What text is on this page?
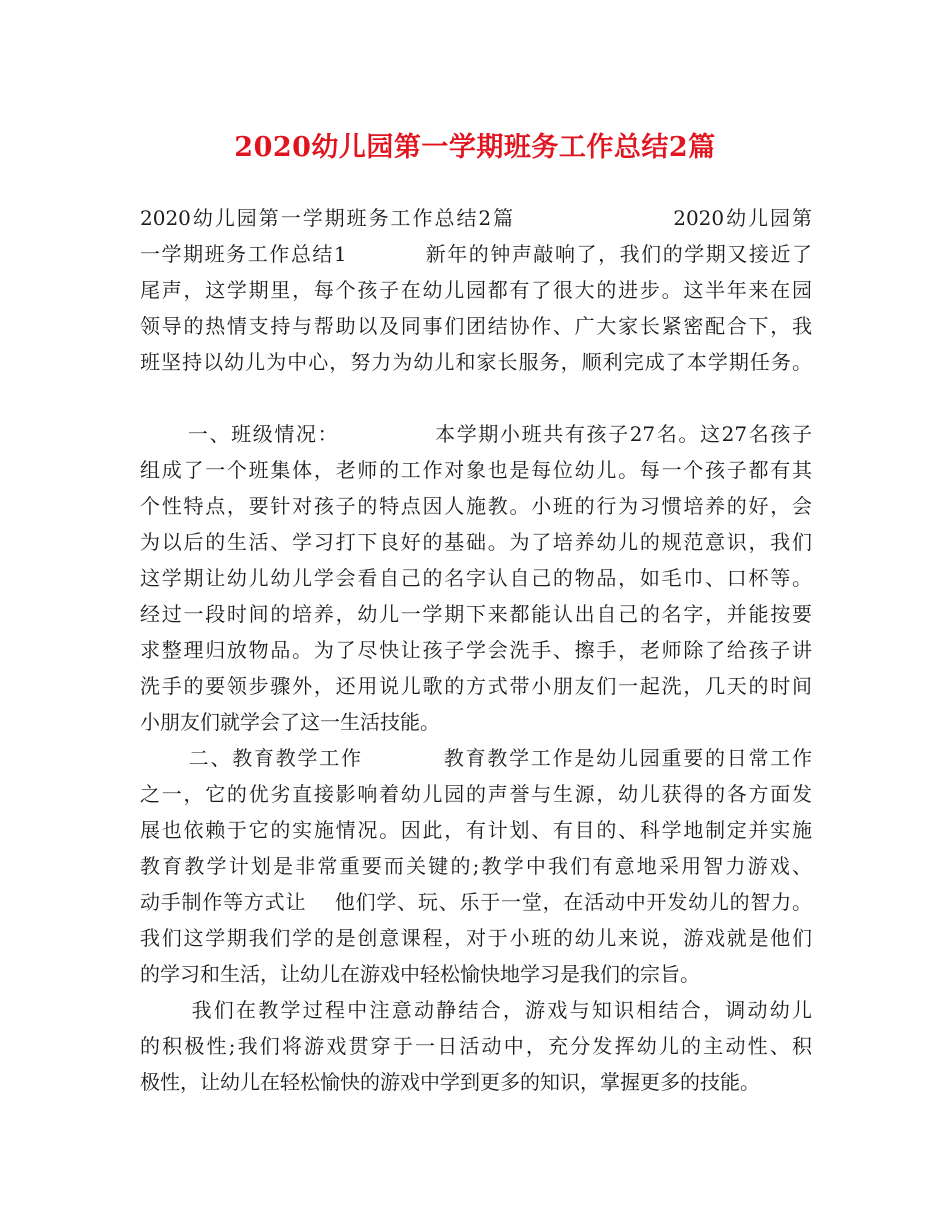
2020幼儿园第一学期班务工作总结2篇
2020幼儿园第一学期班务工作总结2篇                   2020幼儿园第
一学期班务工作总结1          新年的钟声敲响了，我们的学期又接近了
尾声，这学期里，每个孩子在幼儿园都有了很大的进步。这半年来在园
领导的热情支持与帮助以及同事们团结协作、广大家长紧密配合下，我
班坚持以幼儿为中心，努力为幼儿和家长服务，顺利完成了本学期任务。
一、班级情况：            本学期小班共有孩子27名。这27名孩子
组成了一个班集体，老师的工作对象也是每位幼儿。每一个孩子都有其
个性特点，要针对孩子的特点因人施教。小班的行为习惯培养的好，会
为以后的生活、学习打下良好的基础。为了培养幼儿的规范意识，我们
这学期让幼儿幼儿学会看自己的名字认自己的物品，如毛巾、口杯等。
经过一段时间的培养，幼儿一学期下来都能认出自己的名字，并能按要
求整理归放物品。为了尽快让孩子学会洗手、擦手，老师除了给孩子讲
洗手的要领步骤外，还用说儿歌的方式带小朋友们一起洗，几天的时间
小朋友们就学会了这一生活技能。
二、教育教学工作          教育教学工作是幼儿园重要的日常工作
之一，它的优劣直接影响着幼儿园的声誉与生源，幼儿获得的各方面发
展也依赖于它的实施情况。因此，有计划、有目的、科学地制定并实施
教育教学计划是非常重要而关键的;教学中我们有意地采用智力游戏、
动手制作等方式让    他们学、玩、乐于一堂，在活动中开发幼儿的智力。
我们这学期我们学的是创意课程，对于小班的幼儿来说，游戏就是他们
的学习和生活，让幼儿在游戏中轻松愉快地学习是我们的宗旨。
我们在教学过程中注意动静结合，游戏与知识相结合，调动幼儿
的积极性;我们将游戏贯穿于一日活动中，充分发挥幼儿的主动性、积
极性，让幼儿在轻松愉快的游戏中学到更多的知识，掌握更多的技能。
